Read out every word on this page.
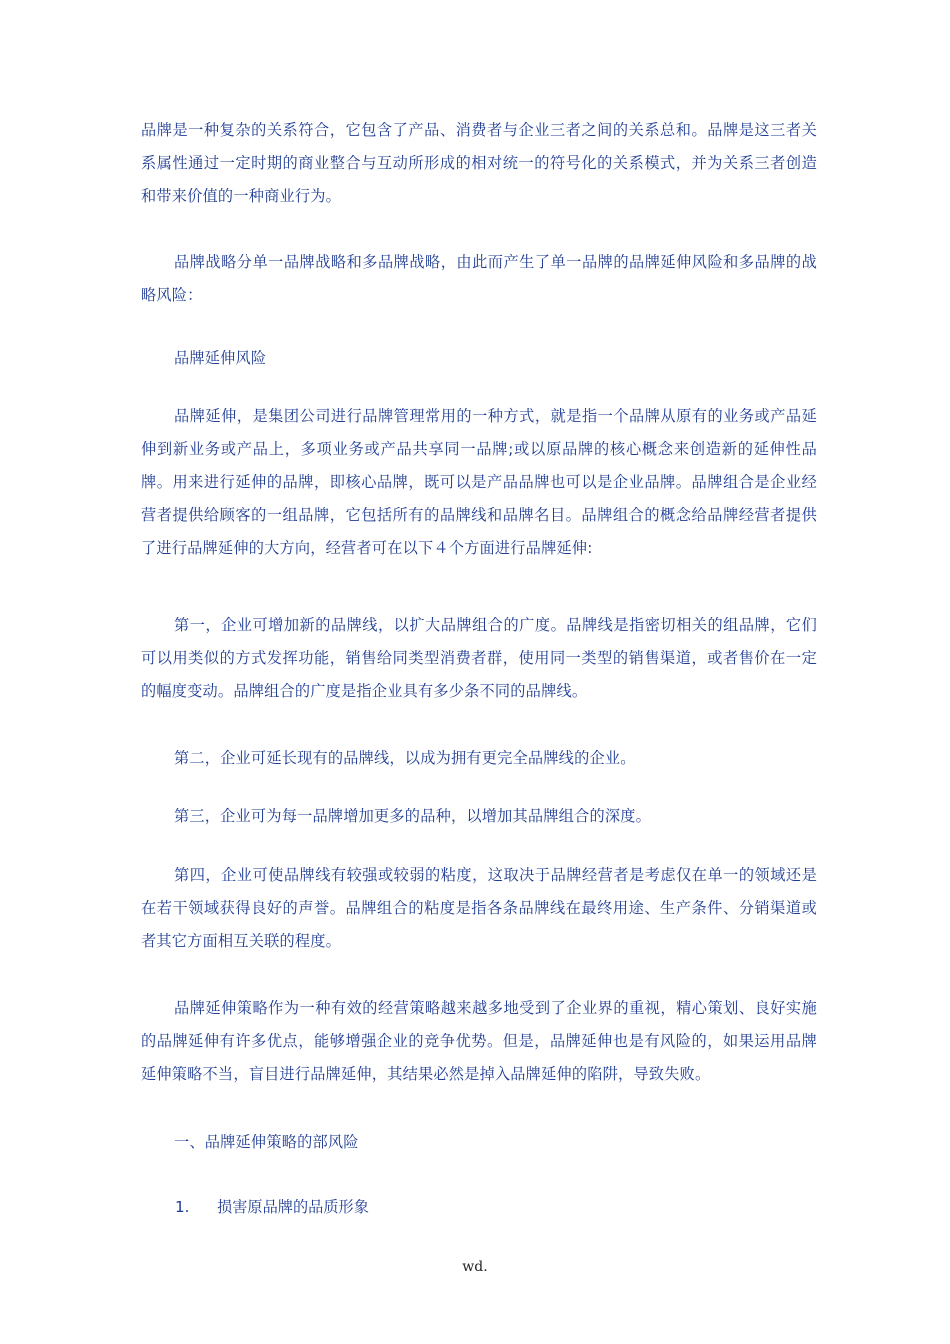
品牌是一种复杂的关系符合，它包含了产品、消费者与企业三者之间的关系总和。品牌是这三者关系属性通过一定时期的商业整合与互动所形成的相对统一的符号化的关系模式，并为关系三者创造和带来价值的一种商业行为。

品牌战略分单一品牌战略和多品牌战略，由此而产生了单一品牌的品牌延伸风险和多品牌的战略风险：

品牌延伸风险

品牌延伸，是集团公司进行品牌管理常用的一种方式，就是指一个品牌从原有的业务或产品延伸到新业务或产品上，多项业务或产品共享同一品牌;或以原品牌的核心概念来创造新的延伸性品牌。用来进行延伸的品牌，即核心品牌，既可以是产品品牌也可以是企业品牌。品牌组合是企业经营者提供给顾客的一组品牌，它包括所有的品牌线和品牌名目。品牌组合的概念给品牌经营者提供了进行品牌延伸的大方向，经营者可在以下４个方面进行品牌延伸:

第一，企业可增加新的品牌线，以扩大品牌组合的广度。品牌线是指密切相关的组品牌，它们可以用类似的方式发挥功能，销售给同类型消费者群，使用同一类型的销售渠道，或者售价在一定的幅度变动。品牌组合的广度是指企业具有多少条不同的品牌线。

第二，企业可延长现有的品牌线，以成为拥有更完全品牌线的企业。

第三，企业可为每一品牌增加更多的品种，以增加其品牌组合的深度。

第四，企业可使品牌线有较强或较弱的粘度，这取决于品牌经营者是考虑仅在单一的领域还是在若干领域获得良好的声誉。品牌组合的粘度是指各条品牌线在最终用途、生产条件、分销渠道或者其它方面相互关联的程度。

品牌延伸策略作为一种有效的经营策略越来越多地受到了企业界的重视，精心策划、良好实施的品牌延伸有许多优点，能够增强企业的竞争优势。但是，品牌延伸也是有风险的，如果运用品牌延伸策略不当，盲目进行品牌延伸，其结果必然是掉入品牌延伸的陷阱，导致失败。

一、品牌延伸策略的部风险

1. 损害原品牌的品质形象
wd.
